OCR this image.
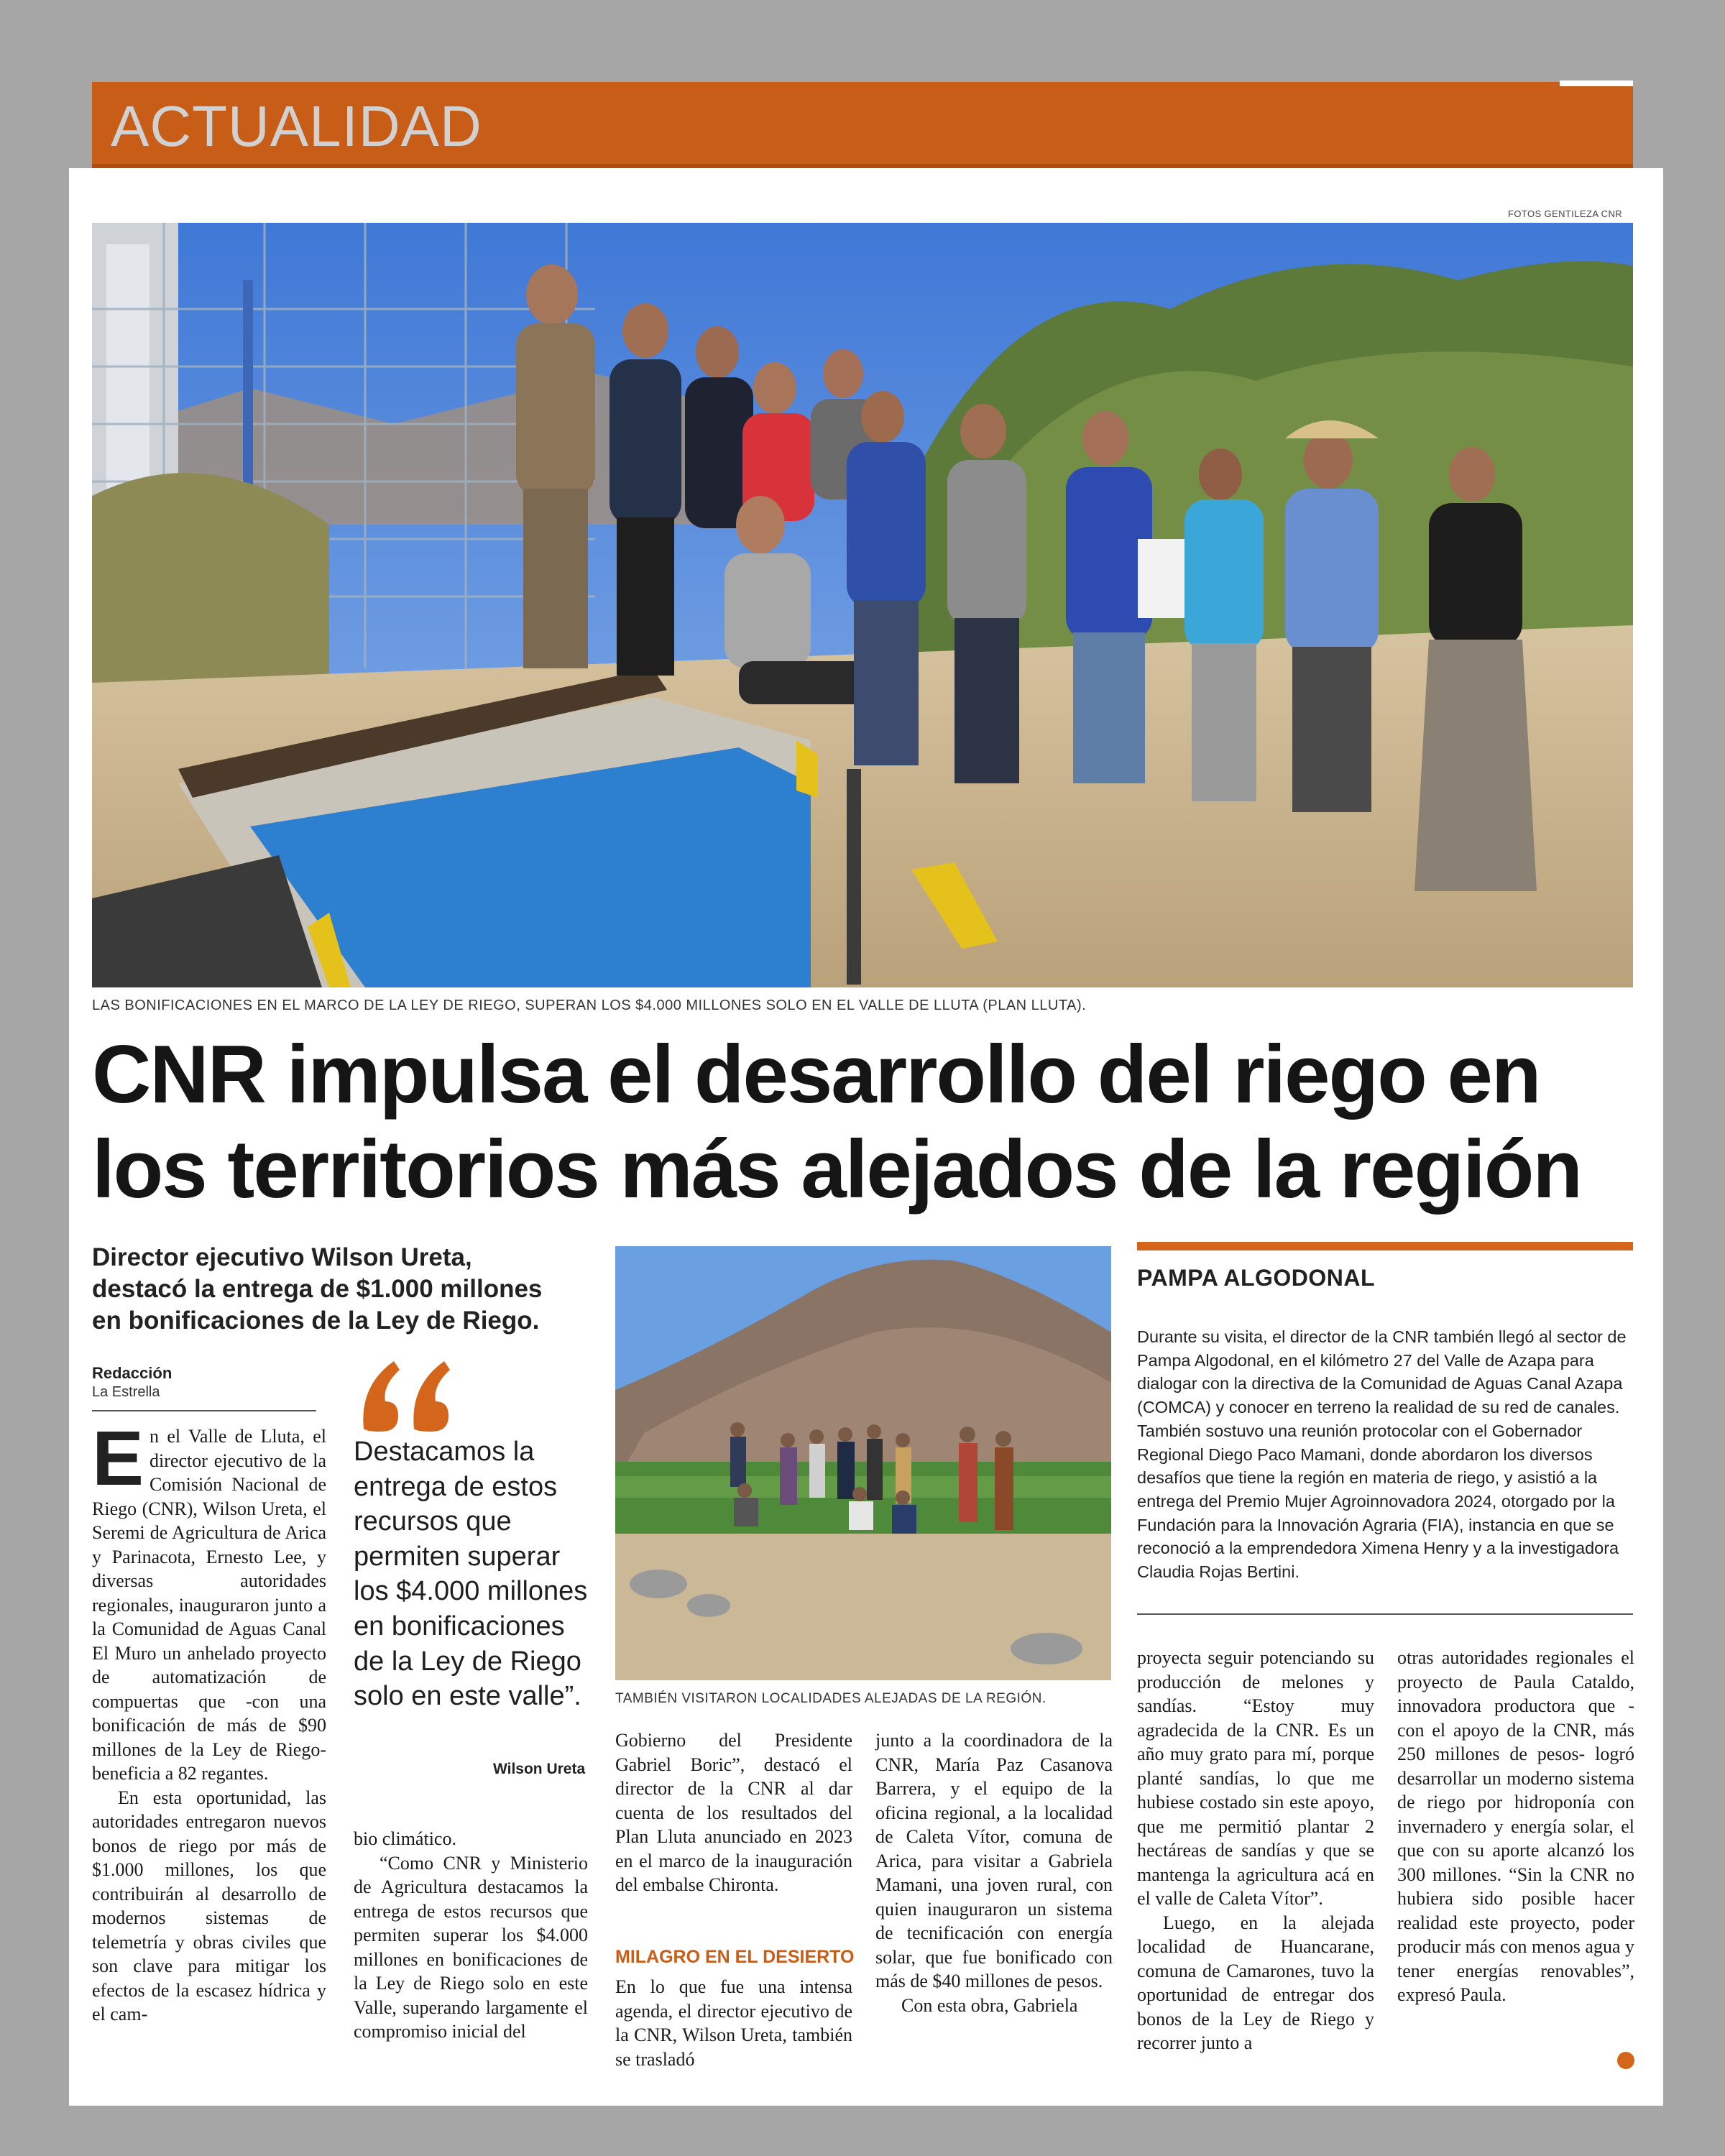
ACTUALIDAD
FOTOS GENTILEZA CNR
LAS BONIFICACIONES EN EL MARCO DE LA LEY DE RIEGO, SUPERAN LOS $4.000 MILLONES SOLO EN EL VALLE DE LLUTA (PLAN LLUTA).
CNR impulsa el desarrollo del riego en
los territorios más alejados de la región
Director ejecutivo Wilson Ureta, destacó la entrega de $1.000 millones en bonificaciones de la Ley de Riego.
Redacción
La Estrella

En el Valle de Lluta, el director ejecutivo de la Comisión Nacional de Riego (CNR), Wilson Ureta, el Seremi de Agricultura de Arica y Parinacota, Ernesto Lee, y diversas autoridades regionales, inauguraron junto a la Comunidad de Aguas Canal El Muro un anhelado proyecto de automatización de compuertas que -con una bonificación de más de $90 millones de la Ley de Riego- beneficia a 82 regantes.

En esta oportunidad, las autoridades entregaron nuevos bonos de riego por más de $1.000 millones, los que contribuirán al desarrollo de modernos sistemas de telemetría y obras civiles que son clave para mitigar los efectos de la escasez hídrica y el cam-

Destacamos la entrega de estos recursos que permiten superar los $4.000 millones en bonificaciones de la Ley de Riego solo en este valle”.
Wilson Ureta

bio climático.

“Como CNR y Ministerio de Agricultura destacamos la entrega de estos recursos que permiten superar los $4.000 millones en bonificaciones de la Ley de Riego solo en este Valle, superando largamente el compromiso inicial del

TAMBIÉN VISITARON LOCALIDADES ALEJADAS DE LA REGIÓN.

Gobierno del Presidente Gabriel Boric”, destacó el director de la CNR al dar cuenta de los resultados del Plan Lluta anunciado en 2023 en el marco de la inauguración del embalse Chironta.

MILAGRO EN EL DESIERTO

En lo que fue una intensa agenda, el director ejecutivo de la CNR, Wilson Ureta, también se trasladó

junto a la coordinadora de la CNR, María Paz Casanova Barrera, y el equipo de la oficina regional, a la localidad de Caleta Vítor, comuna de Arica, para visitar a Gabriela Mamani, una joven rural, con quien inauguraron un sistema de tecnificación con energía solar, que fue bonificado con más de $40 millones de pesos.

Con esta obra, Gabriela

PAMPA ALGODONAL
Durante su visita, el director de la CNR también llegó al sector de Pampa Algodonal, en el kilómetro 27 del Valle de Azapa para dialogar con la directiva de la Comunidad de Aguas Canal Azapa (COMCA) y conocer en terreno la realidad de su red de canales. También sostuvo una reunión protocolar con el Gobernador Regional Diego Paco Mamani, donde abordaron los diversos desafíos que tiene la región en materia de riego, y asistió a la entrega del Premio Mujer Agroinnovadora 2024, otorgado por la Fundación para la Innovación Agraria (FIA), instancia en que se reconoció a la emprendedora Ximena Henry y a la investigadora Claudia Rojas Bertini.

proyecta seguir potenciando su producción de melones y sandías. “Estoy muy agradecida de la CNR. Es un año muy grato para mí, porque planté sandías, lo que me hubiese costado sin este apoyo, que me permitió plantar 2 hectáreas de sandías y que se mantenga la agricultura acá en el valle de Caleta Vítor”.

Luego, en la alejada localidad de Huancarane, comuna de Camarones, tuvo la oportunidad de entregar dos bonos de la Ley de Riego y recorrer junto a

otras autoridades regionales el proyecto de Paula Cataldo, innovadora productora que -con el apoyo de la CNR, más 250 millones de pesos- logró desarrollar un moderno sistema de riego por hidroponía con invernadero y energía solar, el que con su aporte alcanzó los 300 millones. “Sin la CNR no hubiera sido posible hacer realidad este proyecto, poder producir más con menos agua y tener energías renovables”, expresó Paula.
